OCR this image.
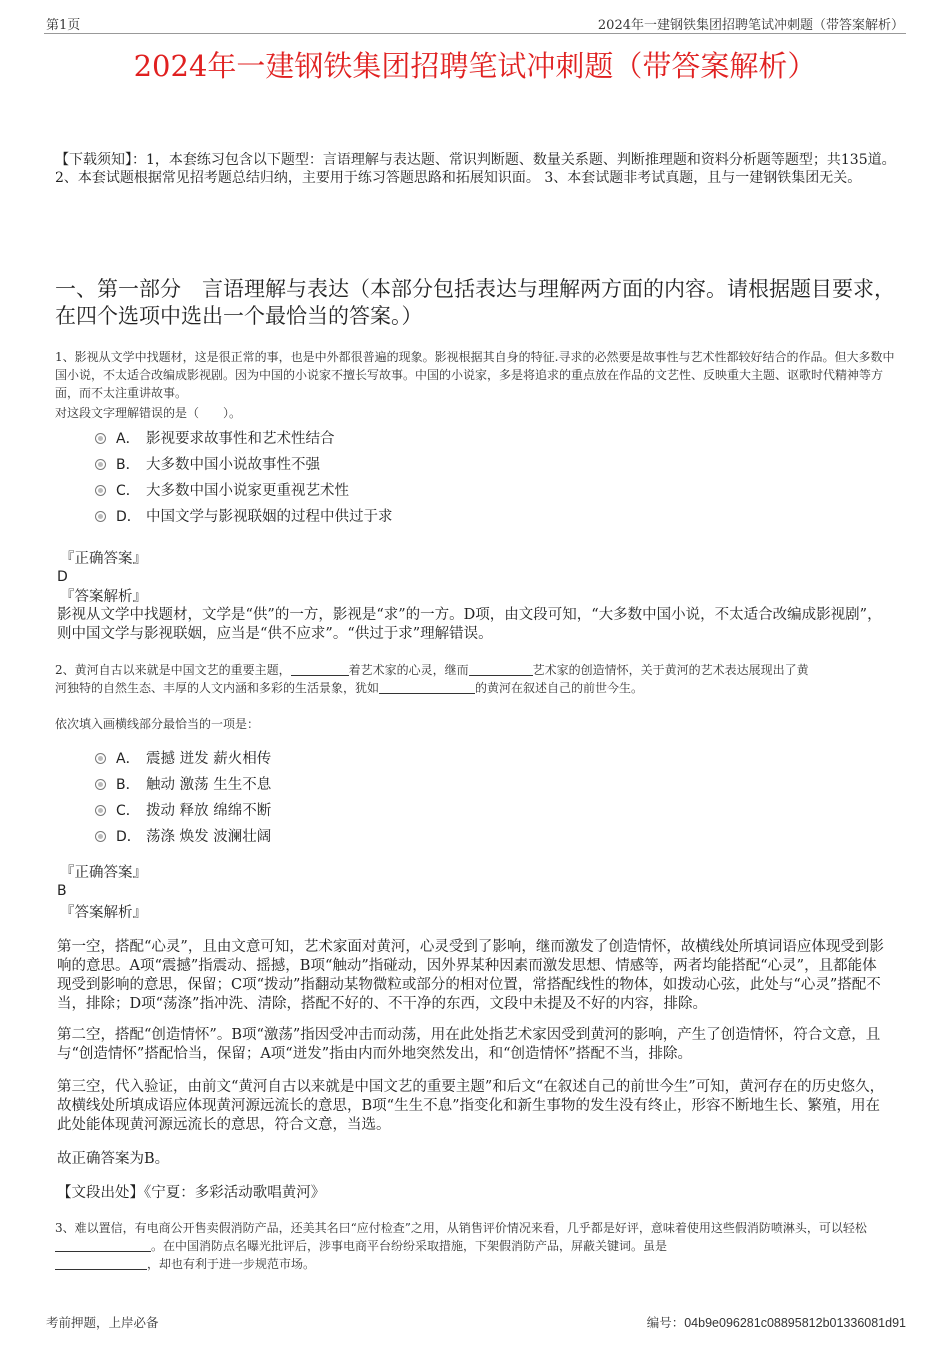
第1页	2024年一建钢铁集团招聘笔试冲刺题（带答案解析）
2024年一建钢铁集团招聘笔试冲刺题（带答案解析）
【下载须知】：1，本套练习包含以下题型：言语理解与表达题、常识判断题、数量关系题、判断推理题和资料分析题等题型；共135道。 2、本套试题根据常见招考题总结归纳，主要用于练习答题思路和拓展知识面。 3、本套试题非考试真题，且与一建钢铁集团无关。
一、第一部分　言语理解与表达（本部分包括表达与理解两方面的内容。请根据题目要求，在四个选项中选出一个最恰当的答案。）
1、影视从文学中找题材，这是很正常的事，也是中外都很普遍的现象。影视根据其自身的特征.寻求的必然要是故事性与艺术性都较好结合的作品。但大多数中国小说，不太适合改编成影视剧。因为中国的小说家不擅长写故事。中国的小说家，多是将追求的重点放在作品的文艺性、反映重大主题、讴歌时代精神等方面，而不太注重讲故事。
对这段文字理解错误的是（　　）。
A． 影视要求故事性和艺术性结合
B． 大多数中国小说故事性不强
C． 大多数中国小说家更重视艺术性
D． 中国文学与影视联姻的过程中供过于求
『正确答案』
D
『答案解析』
影视从文学中找题材，文学是“供”的一方，影视是“求”的一方。D项，由文段可知，“大多数中国小说，不太适合改编成影视剧”，则中国文学与影视联姻，应当是“供不应求”。“供过于求”理解错误。
2、黄河自古以来就是中国文艺的重要主题，	着艺术家的心灵，继而	艺术家的创造情怀，关于黄河的艺术表达展现出了黄
河独特的自然生态、丰厚的人文内涵和多彩的生活景象，犹如	的黄河在叙述自己的前世今生。
依次填入画横线部分最恰当的一项是：
A． 震撼 迸发 薪火相传
B． 触动 激荡 生生不息
C． 拨动 释放 绵绵不断
D． 荡涤 焕发 波澜壮阔
『正确答案』
B
『答案解析』
第一空，搭配“心灵”，且由文意可知，艺术家面对黄河，心灵受到了影响，继而激发了创造情怀，故横线处所填词语应体现受到影响的意思。A项“震撼”指震动、摇撼，B项“触动”指碰动，因外界某种因素而激发思想、情感等，两者均能搭配“心灵”，且都能体现受到影响的意思，保留；C项“拨动”指翻动某物微粒或部分的相对位置，常搭配线性的物体，如拨动心弦，此处与“心灵”搭配不当，排除；D项“荡涤”指冲洗、清除，搭配不好的、不干净的东西，文段中未提及不好的内容，排除。
第二空，搭配“创造情怀”。B项“激荡”指因受冲击而动荡，用在此处指艺术家因受到黄河的影响，产生了创造情怀，符合文意，且与“创造情怀”搭配恰当，保留；A项“迸发”指由内而外地突然发出，和“创造情怀”搭配不当，排除。
第三空，代入验证，由前文“黄河自古以来就是中国文艺的重要主题”和后文“在叙述自己的前世今生”可知，黄河存在的历史悠久，故横线处所填成语应体现黄河源远流长的意思，B项“生生不息”指变化和新生事物的发生没有终止，形容不断地生长、繁殖，用在此处能体现黄河源远流长的意思，符合文意，当选。
故正确答案为B。
【文段出处】《宁夏：多彩活动歌唱黄河》
3、难以置信，有电商公开售卖假消防产品，还美其名曰“应付检查”之用，从销售评价情况来看，几乎都是好评，意味着使用这些假消防喷淋头，可以轻松。在中国消防点名曝光批评后，涉事电商平台纷纷采取措施，下架假消防产品，屏蔽关键词。虽是
，却也有利于进一步规范市场。
考前押题，上岸必备	编号：04b9e096281c08895812b01336081d91
